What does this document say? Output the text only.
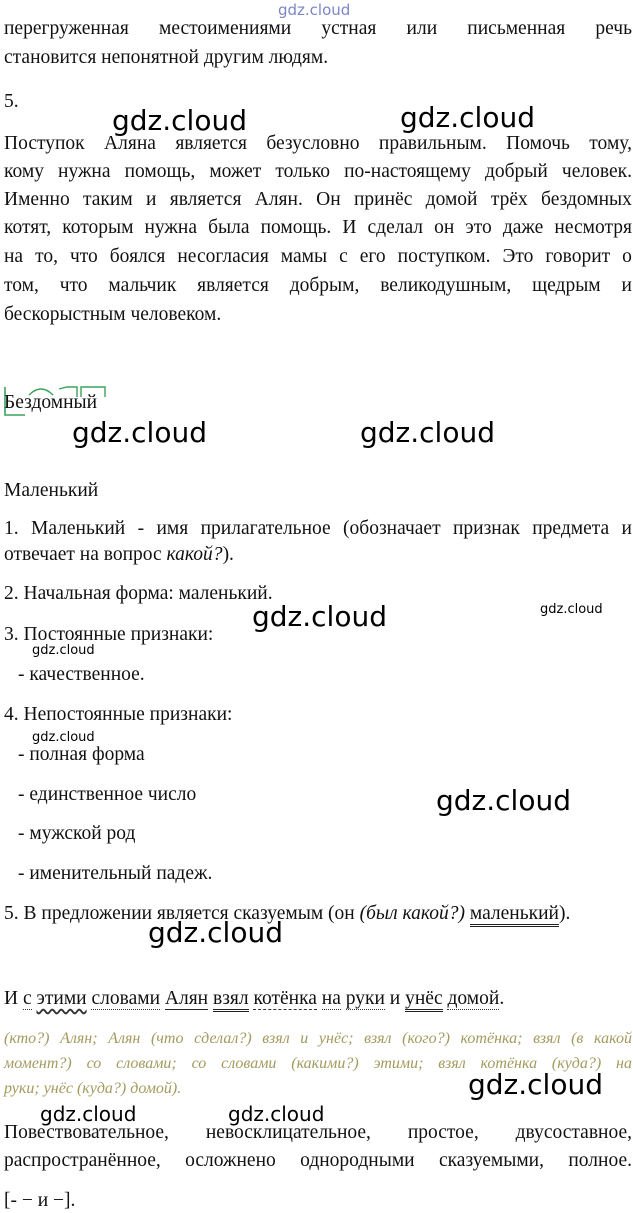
gdz.cloud
перегруженная местоимениями устная или письменная речь
становится непонятной другим людям.
5.
gdz.cloud	gdz.cloud
Поступок Аляна является безусловно правильным. Помочь тому,
кому нужна помощь, может только по-настоящему добрый человек.
Именно таким и является Алян. Он принёс домой трёх бездомных
котят, которым нужна была помощь. И сделал он это даже несмотря
на то, что боялся несогласия мамы с его поступком. Это говорит о
том, что мальчик является добрым, великодушным, щедрым и
бескорыстным человеком.
Бездомный
gdz.cloud	gdz.cloud
Маленький
1. Маленький - имя прилагательное (обозначает признак предмета и
отвечает на вопрос какой?).
2. Начальная форма: маленький.
gdz.cloud	gdz.cloud
3. Постоянные признаки:
gdz.cloud
- качественное.
4. Непостоянные признаки:
gdz.cloud
- полная форма
- единственное число	gdz.cloud
- мужской род
- именительный падеж.
5. В предложении является сказуемым (он (был какой?) маленький).
gdz.cloud
И с этими словами Алян взял котёнка на руки и унёс домой.
(кто?) Алян; Алян (что сделал?) взял и унёс; взял (кого?) котёнка; взял (в какой
момент?) со словами; со словами (какими?) этими; взял котёнка (куда?) на
руки; унёс (куда?) домой).	gdz.cloud
gdz.cloud	gdz.cloud
Повествовательное, невосклицательное, простое, двусоставное,
распространённое, осложнено однородными сказуемыми, полное.
[- − и −].
